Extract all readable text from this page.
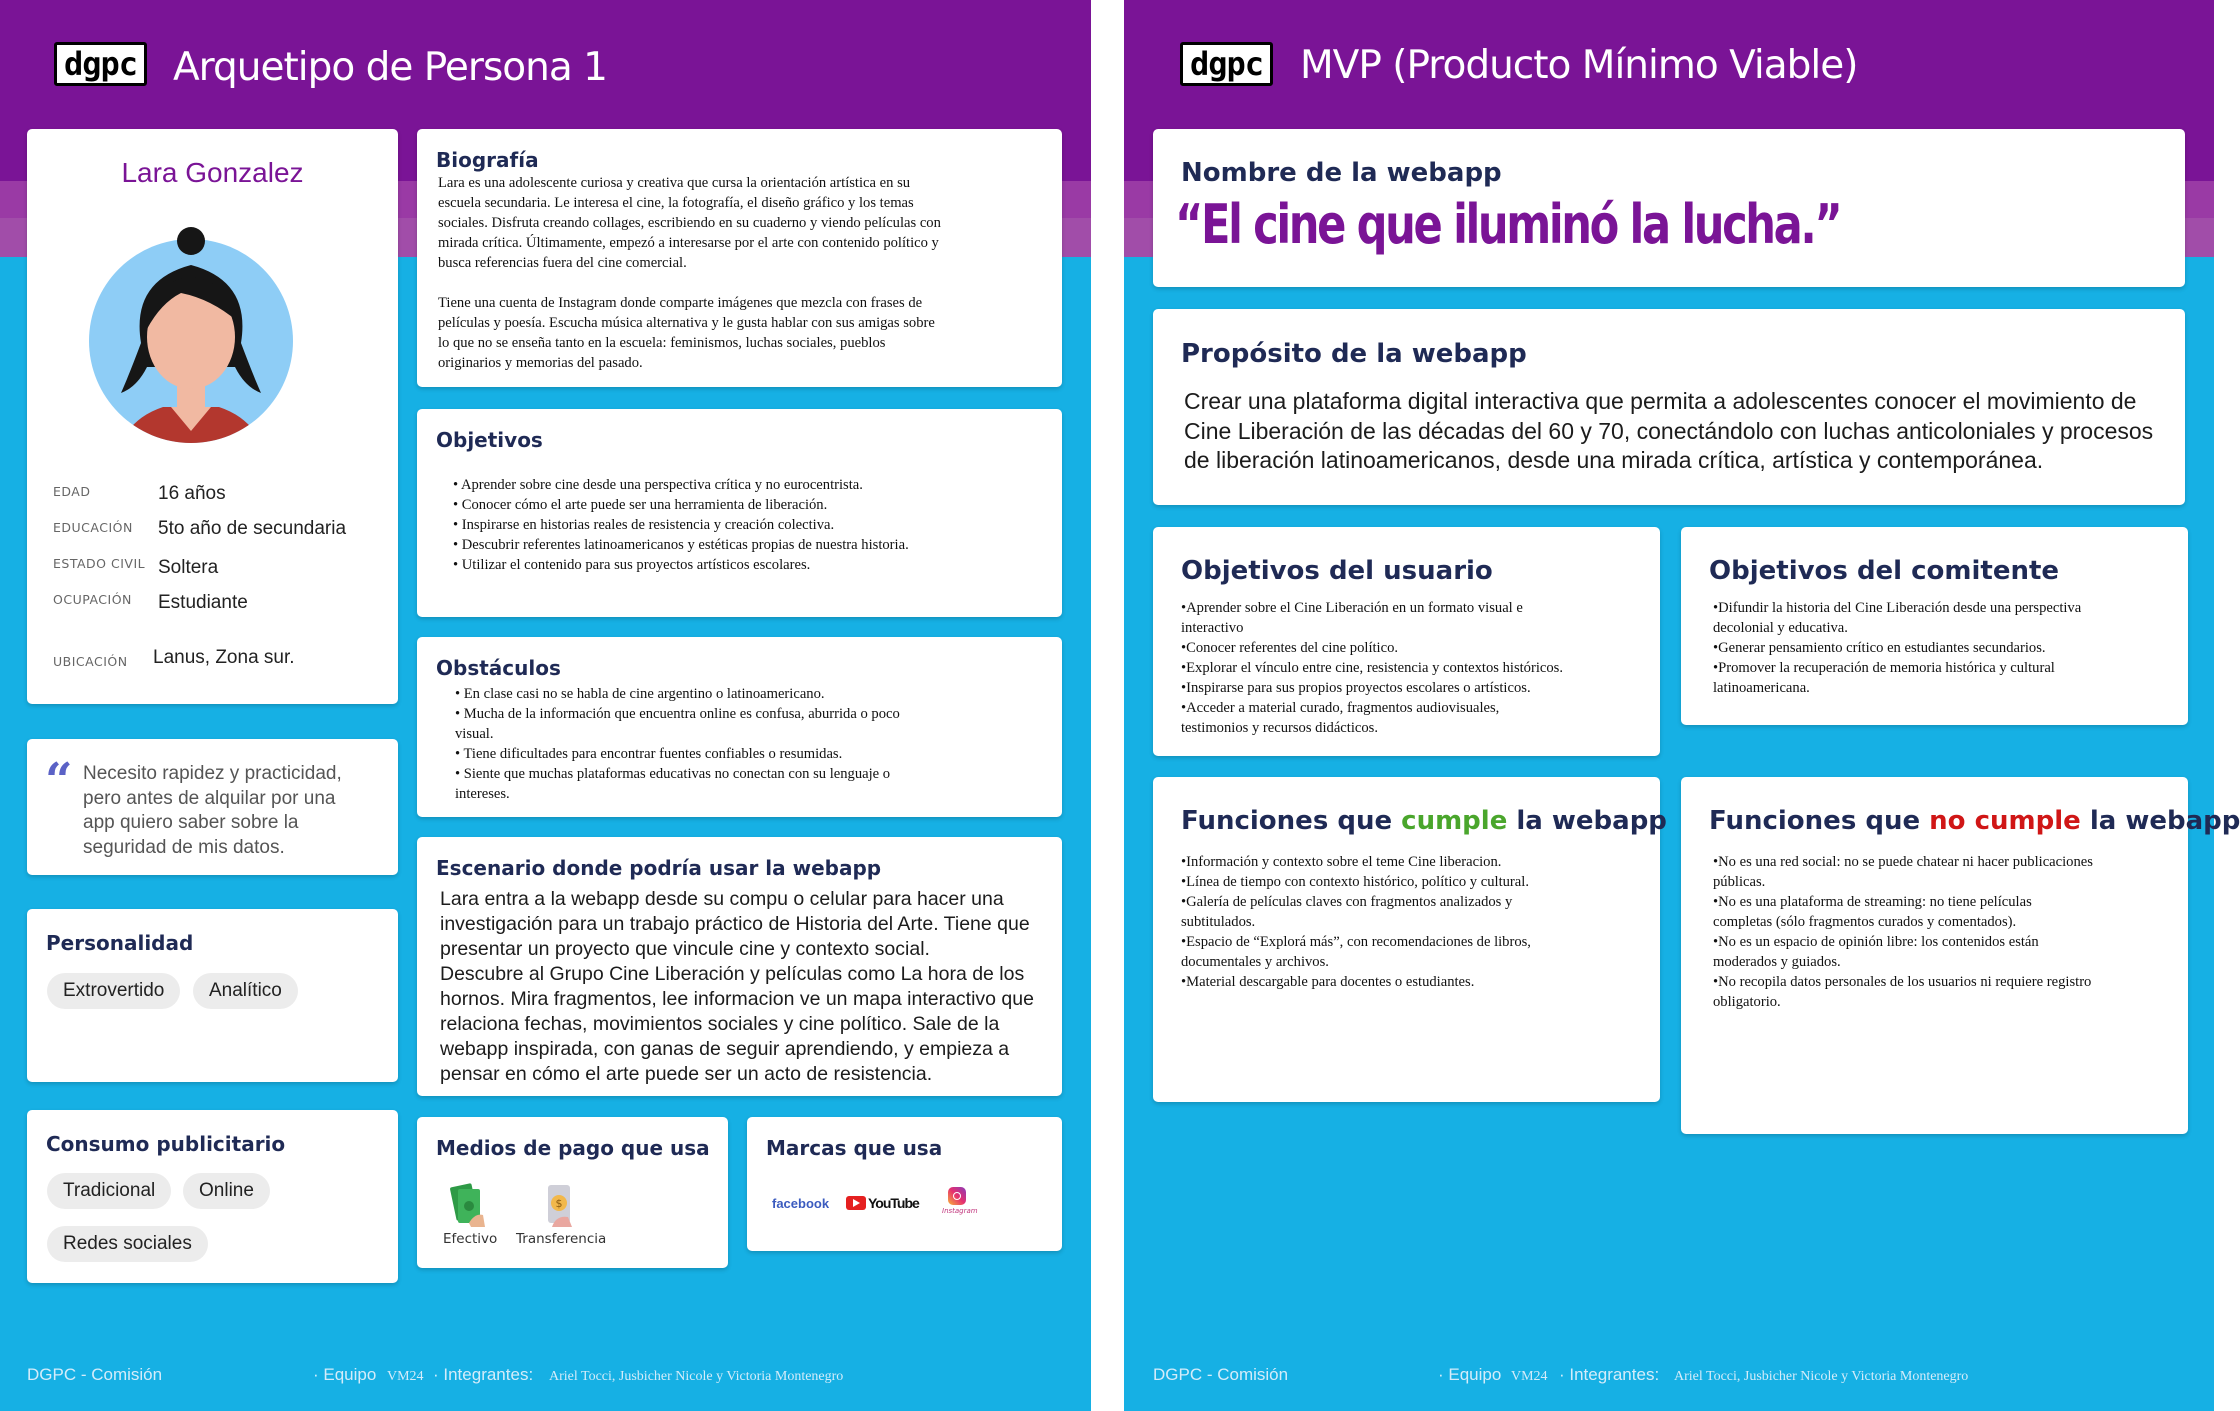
dgpc Arquetipo de Persona 1
Lara Gonzalez
EDAD	16 años
EDUCACIÓN 5to año de secundaria
ESTADO CIVIL Soltera
OCUPACIÓN Estudiante
UBICACIÓN Lanus, Zona sur.
“ Necesito rapidez y practicidad,
pero antes de alquilar por una
app quiero saber sobre la
seguridad de mis datos.
Personalidad
Extrovertido	Analítico
Consumo publicitario
Tradicional	Online
Redes sociales
Biografía
Lara es una adolescente curiosa y creativa que cursa la orientación artística en su
escuela secundaria. Le interesa el cine, la fotografía, el diseño gráfico y los temas
sociales. Disfruta creando collages, escribiendo en su cuaderno y viendo películas con
mirada crítica. Últimamente, empezó a interesarse por el arte con contenido político y
busca referencias fuera del cine comercial.
Tiene una cuenta de Instagram donde comparte imágenes que mezcla con frases de
películas y poesía. Escucha música alternativa y le gusta hablar con sus amigas sobre
lo que no se enseña tanto en la escuela: feminismos, luchas sociales, pueblos
originarios y memorias del pasado.
Objetivos
• Aprender sobre cine desde una perspectiva crítica y no eurocentrista.
• Conocer cómo el arte puede ser una herramienta de liberación.
• Inspirarse en historias reales de resistencia y creación colectiva.
• Descubrir referentes latinoamericanos y estéticas propias de nuestra historia.
• Utilizar el contenido para sus proyectos artísticos escolares.
Obstáculos
• En clase casi no se habla de cine argentino o latinoamericano.
• Mucha de la información que encuentra online es confusa, aburrida o poco
visual.
• Tiene dificultades para encontrar fuentes confiables o resumidas.
• Siente que muchas plataformas educativas no conectan con su lenguaje o
intereses.
Escenario donde podría usar la webapp
Lara entra a la webapp desde su compu o celular para hacer una
investigación para un trabajo práctico de Historia del Arte. Tiene que
presentar un proyecto que vincule cine y contexto social.
Descubre al Grupo Cine Liberación y películas como La hora de los
hornos. Mira fragmentos, lee informacion ve un mapa interactivo que
relaciona fechas, movimientos sociales y cine político. Sale de la
webapp inspirada, con ganas de seguir aprendiendo, y empieza a
pensar en cómo el arte puede ser un acto de resistencia.
Medios de pago que usa
Efectivo
$
Transferencia
Marcas que usa
facebook	YouTube	Instagram
DGPC - Comisión	· Equipo VM24 · Integrantes: Ariel Tocci, Jusbicher Nicole y Victoria Montenegro
dgpc MVP (Producto Mínimo Viable)
Nombre de la webapp
“El cine que iluminó la lucha.”
Propósito de la webapp
Crear una plataforma digital interactiva que permita a adolescentes conocer el movimiento de
Cine Liberación de las décadas del 60 y 70, conectándolo con luchas anticoloniales y procesos
de liberación latinoamericanos, desde una mirada crítica, artística y contemporánea.
Objetivos del usuario
•Aprender sobre el Cine Liberación en un formato visual e
interactivo
•Conocer referentes del cine político.
•Explorar el vínculo entre cine, resistencia y contextos históricos.
•Inspirarse para sus propios proyectos escolares o artísticos.
•Acceder a material curado, fragmentos audiovisuales,
testimonios y recursos didácticos.
Objetivos del comitente
•Difundir la historia del Cine Liberación desde una perspectiva
decolonial y educativa.
•Generar pensamiento crítico en estudiantes secundarios.
•Promover la recuperación de memoria histórica y cultural
latinoamericana.
Funciones que cumple la webapp
•Información y contexto sobre el teme Cine liberacion.
•Línea de tiempo con contexto histórico, político y cultural.
•Galería de películas claves con fragmentos analizados y
subtitulados.
•Espacio de “Explorá más”, con recomendaciones de libros,
documentales y archivos.
•Material descargable para docentes o estudiantes.
Funciones que no cumple la webapp
•No es una red social: no se puede chatear ni hacer publicaciones
públicas.
•No es una plataforma de streaming: no tiene películas
completas (sólo fragmentos curados y comentados).
•No es un espacio de opinión libre: los contenidos están
moderados y guiados.
•No recopila datos personales de los usuarios ni requiere registro
obligatorio.
DGPC - Comisión	· Equipo VM24 · Integrantes: Ariel Tocci, Jusbicher Nicole y Victoria Montenegro
